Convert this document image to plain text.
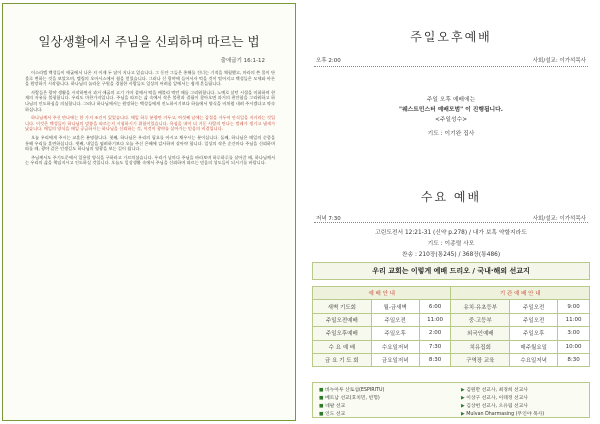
일상생활에서 주님을 신뢰하며 따르는 법
출애굽기 16:1-12

이스라엘 백성들이 애굽에서 나온 지 이제 두 달이 지나고 있습니다. 그 동안 그들은 홍해를 건너는 기적을 체험했고, 마라의 쓴 물이 단 물로 변하는 것을 보았으며, 엘림의 오아시스에서 쉼을 얻었습니다. 그러나 신 광야에 들어서자 먹을 것이 떨어지고 백성들은 모세와 아론을 원망하기 시작합니다. 하나님의 놀라운 구원을 경험한 사람들도 일상의 어려움 앞에서는 쉽게 흔들립니다.

사람들은 광야 생활을 시작하면서 과거 애굽의 고기 가마 곁에서 떡을 배불리 먹던 때를 그리워합니다. 노예로 살던 시절을 미화하며 현재의 자유를 불평합니다. 우리도 마찬가지입니다. 주님을 따르는 삶 속에서 작은 불편과 결핍이 찾아오면 과거의 편안함을 그리워하고 하나님의 인도하심을 의심합니다. 그러나 하나님께서는 원망하는 백성들에게 진노하시기보다 하늘에서 양식을 비처럼 내려 주시겠다고 약속하십니다.

하나님께서 주신 만나에는 한 가지 조건이 있었습니다. 매일 하루 분량만 거두고, 여섯째 날에는 갑절을 거두어 안식일을 지키라는 것입니다. 이것은 백성들이 하나님의 말씀을 따르는지 시험하시기 위함이었습니다. 욕심을 내어 더 거둔 사람의 만나는 벌레가 생기고 냄새가 났습니다. 매일의 양식을 매일 공급하시는 하나님을 신뢰하는 것, 이것이 광야를 살아가는 믿음의 비결입니다.

오늘 우리에게 주시는 교훈은 분명합니다. 첫째, 하나님은 우리의 필요를 아시고 채우시는 분이십니다. 둘째, 하나님은 매일의 순종을 통해 우리를 훈련하십니다. 셋째, 내일을 염려하기보다 오늘 주신 은혜에 감사하며 살아야 합니다. 일상의 작은 순간마다 주님을 신뢰하며 따를 때, 광야 같은 인생길도 하나님의 영광을 보는 길이 됩니다.

주님께서도 주기도문에서 일용할 양식을 구하라고 가르치셨습니다. 우리가 날마다 주님을 바라보며 하루하루를 살아갈 때, 하나님께서는 우리의 삶을 책임지시고 인도하실 것입니다. 오늘도 일상생활 속에서 주님을 신뢰하며 따르는 믿음의 성도들이 되시기를 바랍니다.

주일오후예배
오후 2:00	사회/설교: 이가석목사
주일 오후 예배에는
"웨스트민스터 예배모범" 이 진행됩니다.
<주일성수>
기도 : 이기완 집사
수요 예배
저녁 7:30	사회/설교: 이가석목사
고린도전서 12:21-31 (신약 p.278) / 내가 보혹 약할지라도
기도 : 이종렬 사모
찬송 : 210장(통245) / 368장(통486)
우리 교회는 이렇게 예배 드리오 / 국내·해외 선교지
예 배 안 내			기 관 예 배 안 내		
새벽 기도회	월-금새벽	6:00	유치·유초등부	주일오전	9:00
주일오전예배	주일오전	11:00	중·고등부	주일오전	11:00
주일오후예배	주일오후	2:00	외국인예배	주일오후	3:00
수 요 예 배	수요일저녁	7:30	치유집회	매주월요일	10:00
금 요 기 도 회	금요일저녁	8:30	구역장 교육	수요일저녁	8:30
■ 바누아투 산토섬(ESPIRITU)	▶ 김원만 선교사, 최경희 선교사
■ 베트남 선교(호치민, 빈헝)	▶ 이상구 선교사, 이태정 선교사
■ 네팔 선교	▶ 김상헌 선교사, 오유림 선교사
■ 인도 선교	▶ Mulvan Dharmasing (무인야 목사)
